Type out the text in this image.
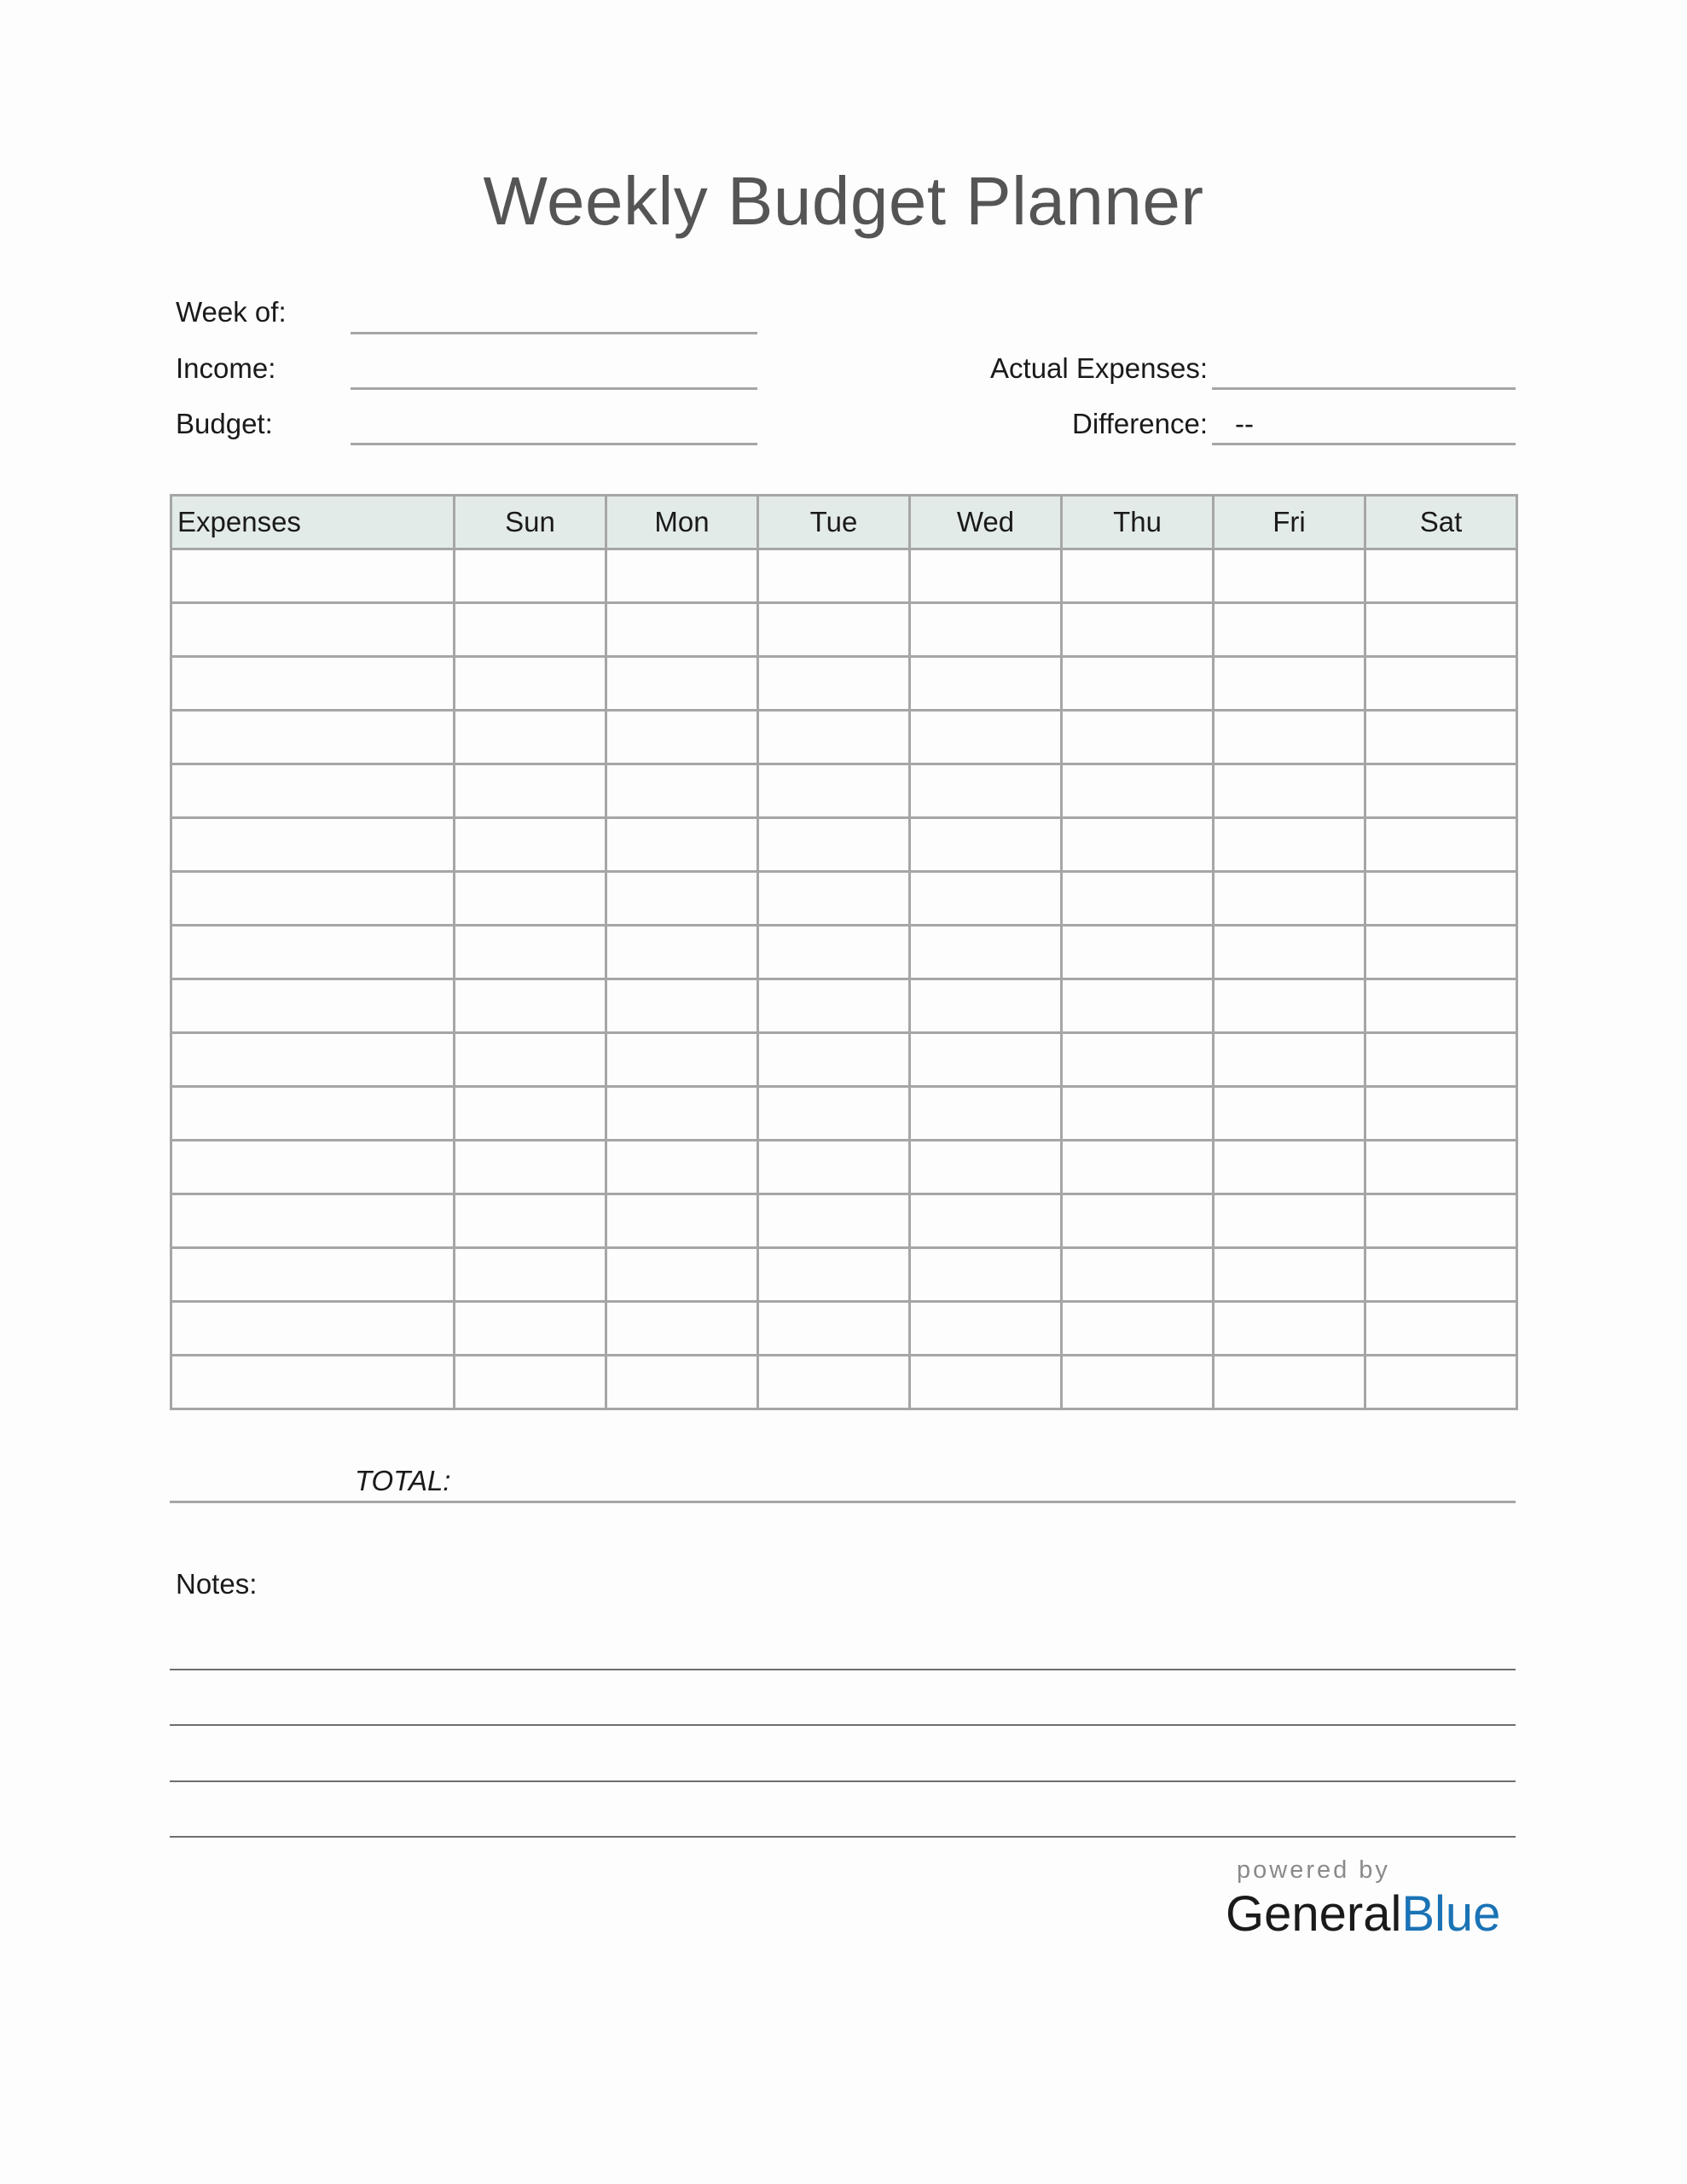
Weekly Budget Planner
Week of:
Income:
Budget:
Actual Expenses:
Difference: --
Expenses	Sun	Mon	Tue	Wed	Thu	Fri	Sat

TOTAL:
Notes:
powered by
GeneralBlue
